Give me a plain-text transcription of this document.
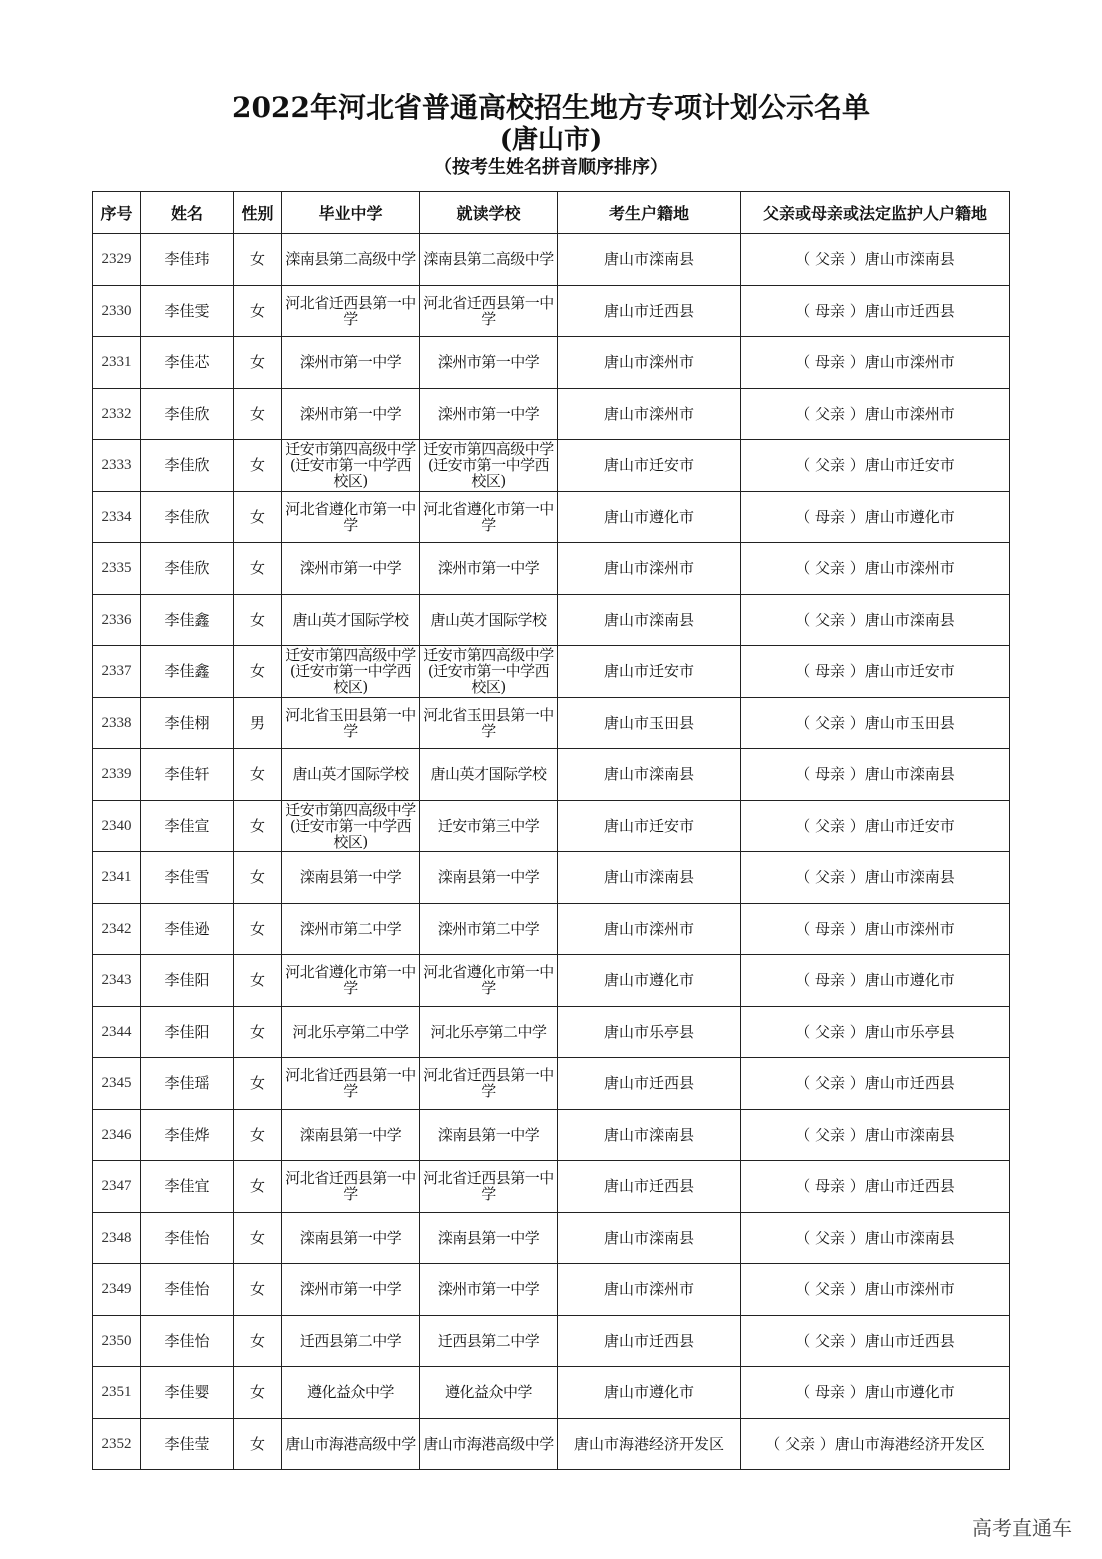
2022年河北省普通高校招生地方专项计划公示名单
(唐山市)
（按考生姓名拼音顺序排序）
序号	姓名	性别	毕业中学	就读学校	考生户籍地	父亲或母亲或法定监护人户籍地
2329	李佳玮	女	滦南县第二高级中学	滦南县第二高级中学	唐山市滦南县	（ 父亲 ）唐山市滦南县
2330	李佳雯	女	河北省迁西县第一中学	河北省迁西县第一中学	唐山市迁西县	（ 母亲 ）唐山市迁西县
2331	李佳芯	女	滦州市第一中学	滦州市第一中学	唐山市滦州市	（ 母亲 ）唐山市滦州市
2332	李佳欣	女	滦州市第一中学	滦州市第一中学	唐山市滦州市	（ 父亲 ）唐山市滦州市
2333	李佳欣	女	迁安市第四高级中学(迁安市第一中学西校区)	迁安市第四高级中学(迁安市第一中学西校区)	唐山市迁安市	（ 父亲 ）唐山市迁安市
2334	李佳欣	女	河北省遵化市第一中学	河北省遵化市第一中学	唐山市遵化市	（ 母亲 ）唐山市遵化市
2335	李佳欣	女	滦州市第一中学	滦州市第一中学	唐山市滦州市	（ 父亲 ）唐山市滦州市
2336	李佳鑫	女	唐山英才国际学校	唐山英才国际学校	唐山市滦南县	（ 父亲 ）唐山市滦南县
2337	李佳鑫	女	迁安市第四高级中学(迁安市第一中学西校区)	迁安市第四高级中学(迁安市第一中学西校区)	唐山市迁安市	（ 母亲 ）唐山市迁安市
2338	李佳栩	男	河北省玉田县第一中学	河北省玉田县第一中学	唐山市玉田县	（ 父亲 ）唐山市玉田县
2339	李佳轩	女	唐山英才国际学校	唐山英才国际学校	唐山市滦南县	（ 母亲 ）唐山市滦南县
2340	李佳宣	女	迁安市第四高级中学(迁安市第一中学西校区)	迁安市第三中学	唐山市迁安市	（ 父亲 ）唐山市迁安市
2341	李佳雪	女	滦南县第一中学	滦南县第一中学	唐山市滦南县	（ 父亲 ）唐山市滦南县
2342	李佳逊	女	滦州市第二中学	滦州市第二中学	唐山市滦州市	（ 母亲 ）唐山市滦州市
2343	李佳阳	女	河北省遵化市第一中学	河北省遵化市第一中学	唐山市遵化市	（ 母亲 ）唐山市遵化市
2344	李佳阳	女	河北乐亭第二中学	河北乐亭第二中学	唐山市乐亭县	（ 父亲 ）唐山市乐亭县
2345	李佳瑶	女	河北省迁西县第一中学	河北省迁西县第一中学	唐山市迁西县	（ 父亲 ）唐山市迁西县
2346	李佳烨	女	滦南县第一中学	滦南县第一中学	唐山市滦南县	（ 父亲 ）唐山市滦南县
2347	李佳宜	女	河北省迁西县第一中学	河北省迁西县第一中学	唐山市迁西县	（ 母亲 ）唐山市迁西县
2348	李佳怡	女	滦南县第一中学	滦南县第一中学	唐山市滦南县	（ 父亲 ）唐山市滦南县
2349	李佳怡	女	滦州市第一中学	滦州市第一中学	唐山市滦州市	（ 父亲 ）唐山市滦州市
2350	李佳怡	女	迁西县第二中学	迁西县第二中学	唐山市迁西县	（ 父亲 ）唐山市迁西县
2351	李佳婴	女	遵化益众中学	遵化益众中学	唐山市遵化市	（ 母亲 ）唐山市遵化市
2352	李佳莹	女	唐山市海港高级中学	唐山市海港高级中学	唐山市海港经济开发区	（ 父亲 ）唐山市海港经济开发区
高考直通车
